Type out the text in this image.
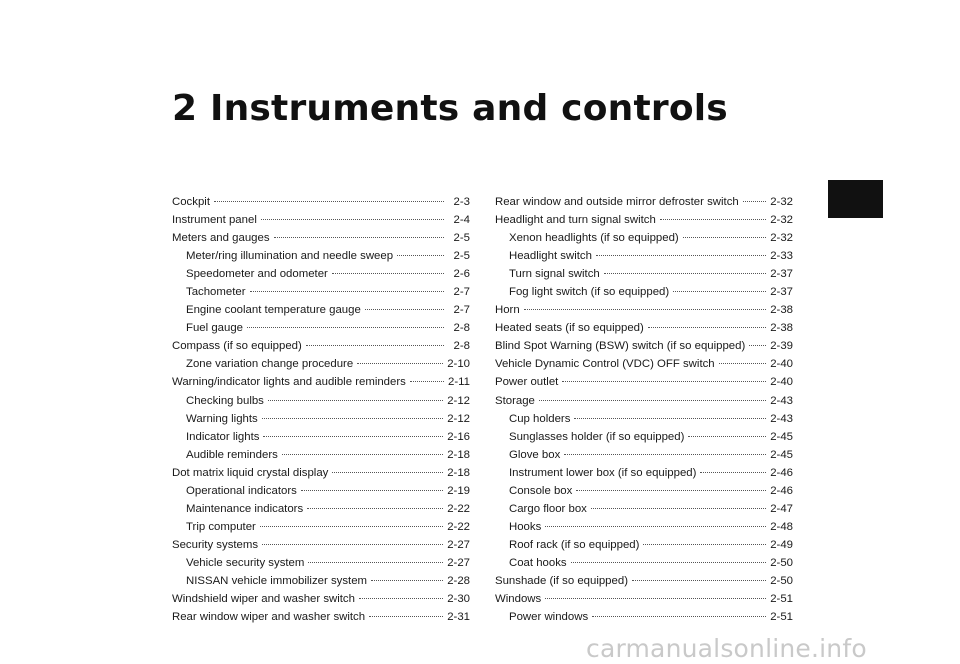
2 Instruments and controls
Cockpit	2-3
Instrument panel	2-4
Meters and gauges	2-5
Meter/ring illumination and needle sweep	2-5
Speedometer and odometer	2-6
Tachometer	2-7
Engine coolant temperature gauge	2-7
Fuel gauge	2-8
Compass (if so equipped)	2-8
Zone variation change procedure	2-10
Warning/indicator lights and audible reminders	2-11
Checking bulbs	2-12
Warning lights	2-12
Indicator lights	2-16
Audible reminders	2-18
Dot matrix liquid crystal display	2-18
Operational indicators	2-19
Maintenance indicators	2-22
Trip computer	2-22
Security systems	2-27
Vehicle security system	2-27
NISSAN vehicle immobilizer system	2-28
Windshield wiper and washer switch	2-30
Rear window wiper and washer switch	2-31
Rear window and outside mirror defroster switch	2-32
Headlight and turn signal switch	2-32
Xenon headlights (if so equipped)	2-32
Headlight switch	2-33
Turn signal switch	2-37
Fog light switch (if so equipped)	2-37
Horn	2-38
Heated seats (if so equipped)	2-38
Blind Spot Warning (BSW) switch (if so equipped) 2-39
Vehicle Dynamic Control (VDC) OFF switch	2-40
Power outlet	2-40
Storage	2-43
Cup holders	2-43
Sunglasses holder (if so equipped)	2-45
Glove box	2-45
Instrument lower box (if so equipped)	2-46
Console box	2-46
Cargo floor box	2-47
Hooks	2-48
Roof rack (if so equipped)	2-49
Coat hooks	2-50
Sunshade (if so equipped)	2-50
Windows	2-51
Power windows	2-51
carmanualsonline.info
